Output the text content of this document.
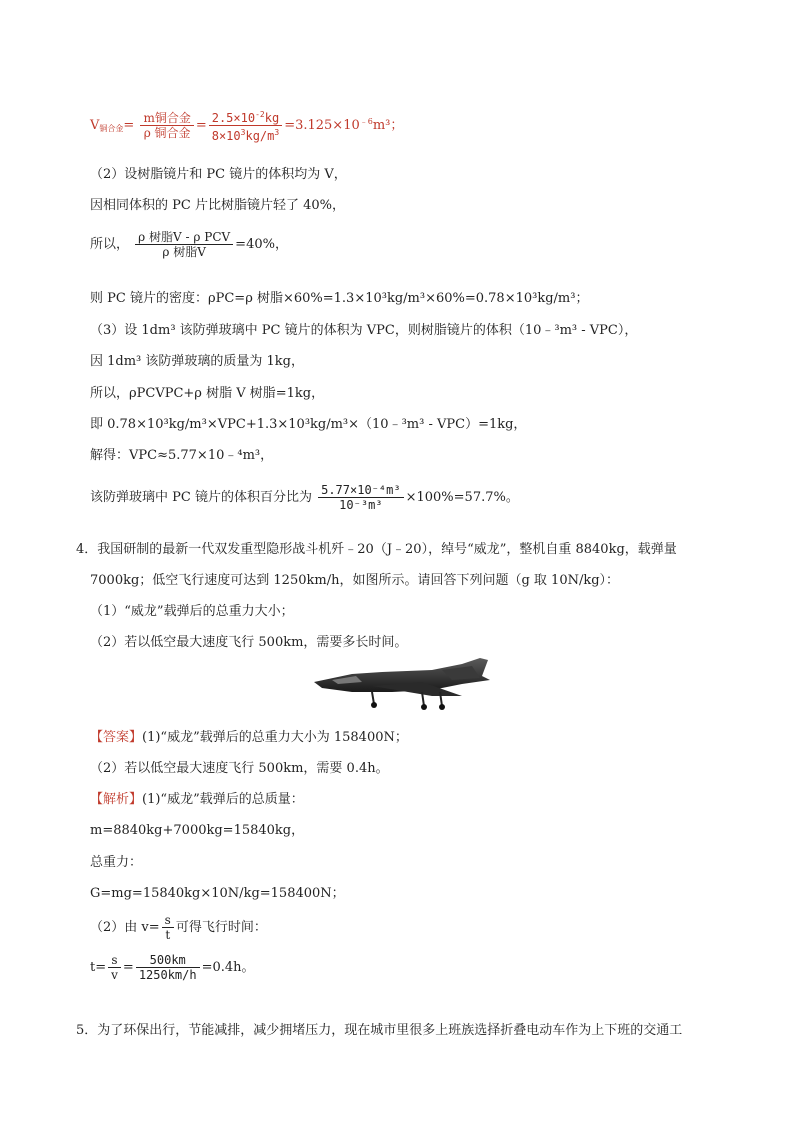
$V_{铜合金}= \frac{\text{m铜合金}}{\text{ρ 铜合金}} = \frac{2.5\times 10^{-2}kg}{8\times 10^3kg/m^3} =3.125\times 10^{﹣6}m^3$；
（2）设树脂镜片和 PC 镜片的体积均为 V，
因相同体积的 PC 片比树脂镜片轻了 40%，
所以， $\frac{\text{ρ 树脂V - ρ PCV}}{\text{ρ 树脂V}} =40\%$，
则 PC 镜片的密度：ρPC=ρ 树脂×60%=1.3×10³kg/m³×60%=0.78×10³kg/m³；
（3）设 1dm³ 该防弹玻璃中 PC 镜片的体积为 VPC，则树脂镜片的体积（10﹣³m³ - VPC），
因 1dm³ 该防弹玻璃的质量为 1kg，
所以，ρPCVPC+ρ 树脂 V 树脂=1kg，
即 0.78×10³kg/m³×VPC+1.3×10³kg/m³×（10﹣³m³ - VPC）=1kg，
解得：VPC≈5.77×10﹣⁴m³，
该防弹玻璃中 PC 镜片的体积百分比为 $\frac{\text{5.77×10⁻⁴m³}}{\text{10⁻³m³}} \times 100\%=57.7\%$。
4．我国研制的最新一代双发重型隐形战斗机歼﹣20（J﹣20），绰号“威龙”，整机自重 8840kg，载弹量
7000kg；低空飞行速度可达到 1250km/h，如图所示。请回答下列问题（g 取 10N/kg）：
（1）“威龙”载弹后的总重力大小；
（2）若以低空最大速度飞行 500km，需要多长时间。
【答案】(1)“威龙”载弹后的总重力大小为 158400N；
（2）若以低空最大速度飞行 500km，需要 0.4h。
【解析】(1)“威龙”载弹后的总质量：
m=8840kg+7000kg=15840kg，
总重力：
G=mg=15840kg×10N/kg=158400N；
（2）由 $v= \frac{s}{t}$ 可得飞行时间：
$t= \frac{s}{v} = \frac{500km}{1250km/h} =0.4h$。
5．为了环保出行，节能减排，减少拥堵压力，现在城市里很多上班族选择折叠电动车作为上下班的交通工
